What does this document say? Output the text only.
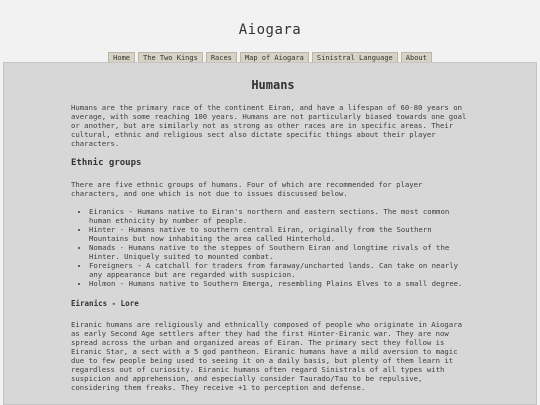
Aiogara
Home	The Two Kings	Races	Map of Aiogara	Sinistral Language	About
Humans

Humans are the primary race of the continent Eiran, and have a lifespan of 60-80 years on average, with some reaching 100 years. Humans are not particularly biased towards one goal or another, but are similarly not as strong as other races are in specific areas. Their cultural, ethnic and religious sect also dictate specific things about their player characters.

Ethnic groups

There are five ethnic groups of humans. Four of which are recommended for player characters, and one which is not due to issues discussed below.

• Eiranics - Humans native to Eiran's northern and eastern sections. The most common human ethnicity by number of people.
• Hinter - Humans native to southern central Eiran, originally from the Southern Mountains but now inhabiting the area called Hinterhold.
• Nomads - Humans native to the steppes of Southern Eiran and longtime rivals of the Hinter. Uniquely suited to mounted combat.
• Foreigners - A catchall for traders from faraway/uncharted lands. Can take on nearly any appearance but are regarded with suspicion.
• Holmon - Humans native to Southern Emerga, resembling Plains Elves to a small degree.
Eiranics - Lore

Eiranic humans are religiously and ethnically composed of people who originate in Aiogara as early Second Age settlers after they had the first Hinter-Eiranic war. They are now spread across the urban and organized areas of Eiran. The primary sect they follow is Eiranic Star, a sect with a 5 god pantheon. Eiranic humans have a mild aversion to magic due to few people being used to seeing it on a daily basis, but plenty of them learn it regardless out of curiosity. Eiranic humans often regard Sinistrals of all types with suspicion and apprehension, and especially consider Taurado/Tau to be repulsive, considering them freaks. They receive +1 to perception and defense.
